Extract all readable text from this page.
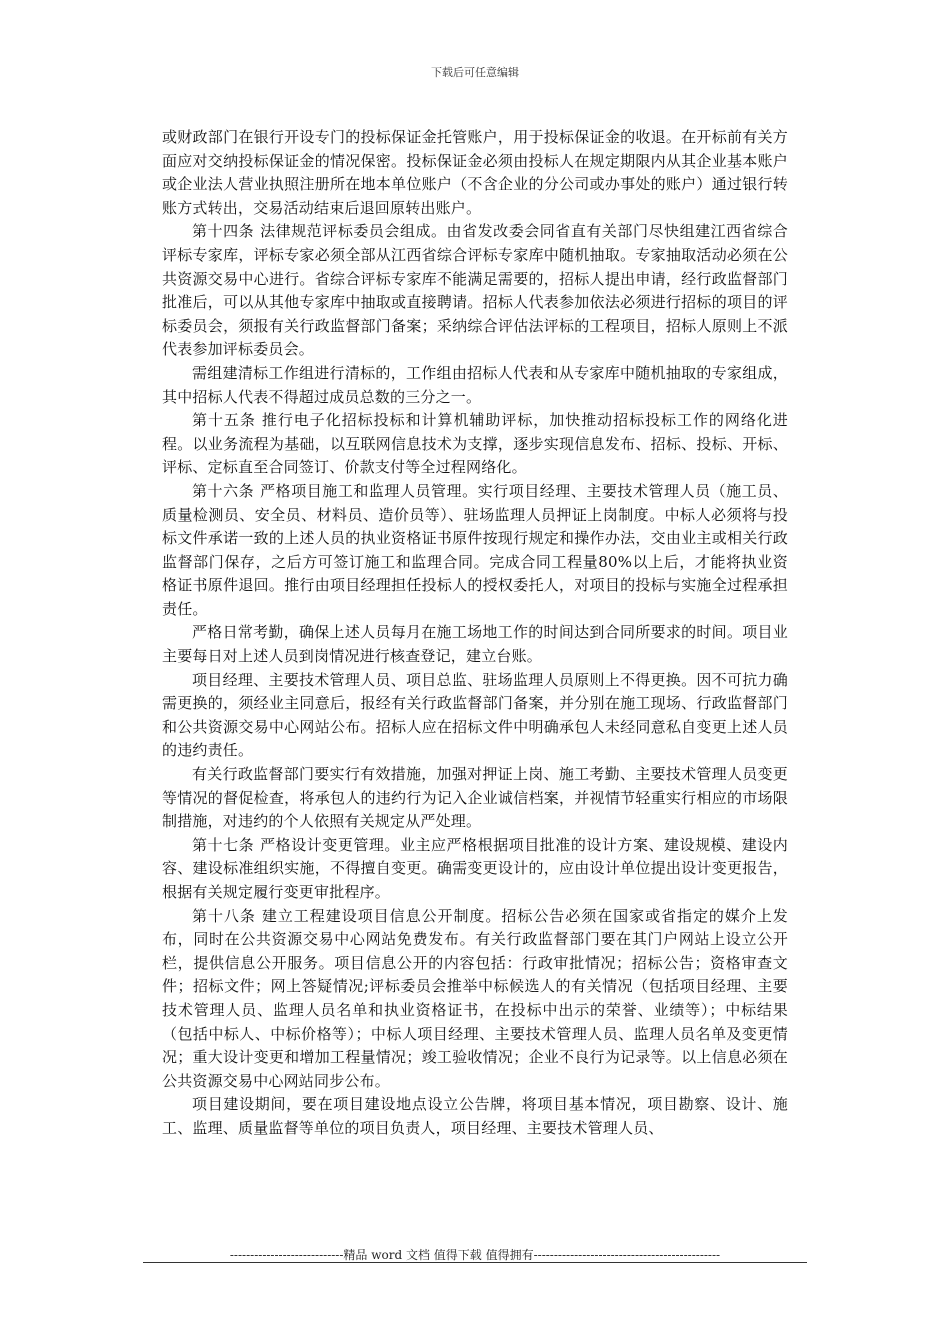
下载后可任意编辑

或财政部门在银行开设专门的投标保证金托管账户，用于投标保证金的收退。在开标前有关方面应对交纳投标保证金的情况保密。投标保证金必须由投标人在规定期限内从其企业基本账户或企业法人营业执照注册所在地本单位账户（不含企业的分公司或办事处的账户）通过银行转账方式转出，交易活动结束后退回原转出账户。

第十四条 法律规范评标委员会组成。由省发改委会同省直有关部门尽快组建江西省综合评标专家库，评标专家必须全部从江西省综合评标专家库中随机抽取。专家抽取活动必须在公共资源交易中心进行。省综合评标专家库不能满足需要的，招标人提出申请，经行政监督部门批准后，可以从其他专家库中抽取或直接聘请。招标人代表参加依法必须进行招标的项目的评标委员会，须报有关行政监督部门备案；采纳综合评估法评标的工程项目，招标人原则上不派代表参加评标委员会。

需组建清标工作组进行清标的，工作组由招标人代表和从专家库中随机抽取的专家组成，其中招标人代表不得超过成员总数的三分之一。

第十五条 推行电子化招标投标和计算机辅助评标，加快推动招标投标工作的网络化进程。以业务流程为基础，以互联网信息技术为支撑，逐步实现信息发布、招标、投标、开标、评标、定标直至合同签订、价款支付等全过程网络化。

第十六条 严格项目施工和监理人员管理。实行项目经理、主要技术管理人员（施工员、质量检测员、安全员、材料员、造价员等）、驻场监理人员押证上岗制度。中标人必须将与投标文件承诺一致的上述人员的执业资格证书原件按现行规定和操作办法，交由业主或相关行政监督部门保存，之后方可签订施工和监理合同。完成合同工程量80%以上后，才能将执业资格证书原件退回。推行由项目经理担任投标人的授权委托人，对项目的投标与实施全过程承担责任。

严格日常考勤，确保上述人员每月在施工场地工作的时间达到合同所要求的时间。项目业主要每日对上述人员到岗情况进行核查登记，建立台账。

项目经理、主要技术管理人员、项目总监、驻场监理人员原则上不得更换。因不可抗力确需更换的，须经业主同意后，报经有关行政监督部门备案，并分别在施工现场、行政监督部门和公共资源交易中心网站公布。招标人应在招标文件中明确承包人未经同意私自变更上述人员的违约责任。

有关行政监督部门要实行有效措施，加强对押证上岗、施工考勤、主要技术管理人员变更等情况的督促检查，将承包人的违约行为记入企业诚信档案，并视情节轻重实行相应的市场限制措施，对违约的个人依照有关规定从严处理。

第十七条 严格设计变更管理。业主应严格根据项目批准的设计方案、建设规模、建设内容、建设标准组织实施，不得擅自变更。确需变更设计的，应由设计单位提出设计变更报告，根据有关规定履行变更审批程序。

第十八条 建立工程建设项目信息公开制度。招标公告必须在国家或省指定的媒介上发布，同时在公共资源交易中心网站免费发布。有关行政监督部门要在其门户网站上设立公开栏，提供信息公开服务。项目信息公开的内容包括：行政审批情况；招标公告；资格审查文件；招标文件；网上答疑情况;评标委员会推举中标候选人的有关情况（包括项目经理、主要技术管理人员、监理人员名单和执业资格证书，在投标中出示的荣誉、业绩等）；中标结果（包括中标人、中标价格等）；中标人项目经理、主要技术管理人员、监理人员名单及变更情况；重大设计变更和增加工程量情况；竣工验收情况；企业不良行为记录等。以上信息必须在公共资源交易中心网站同步公布。

项目建设期间，要在项目建设地点设立公告牌，将项目基本情况，项目勘察、设计、施工、监理、质量监督等单位的项目负责人，项目经理、主要技术管理人员、

----------------------------精品 word 文档 值得下载 值得拥有----------------------------------------------
